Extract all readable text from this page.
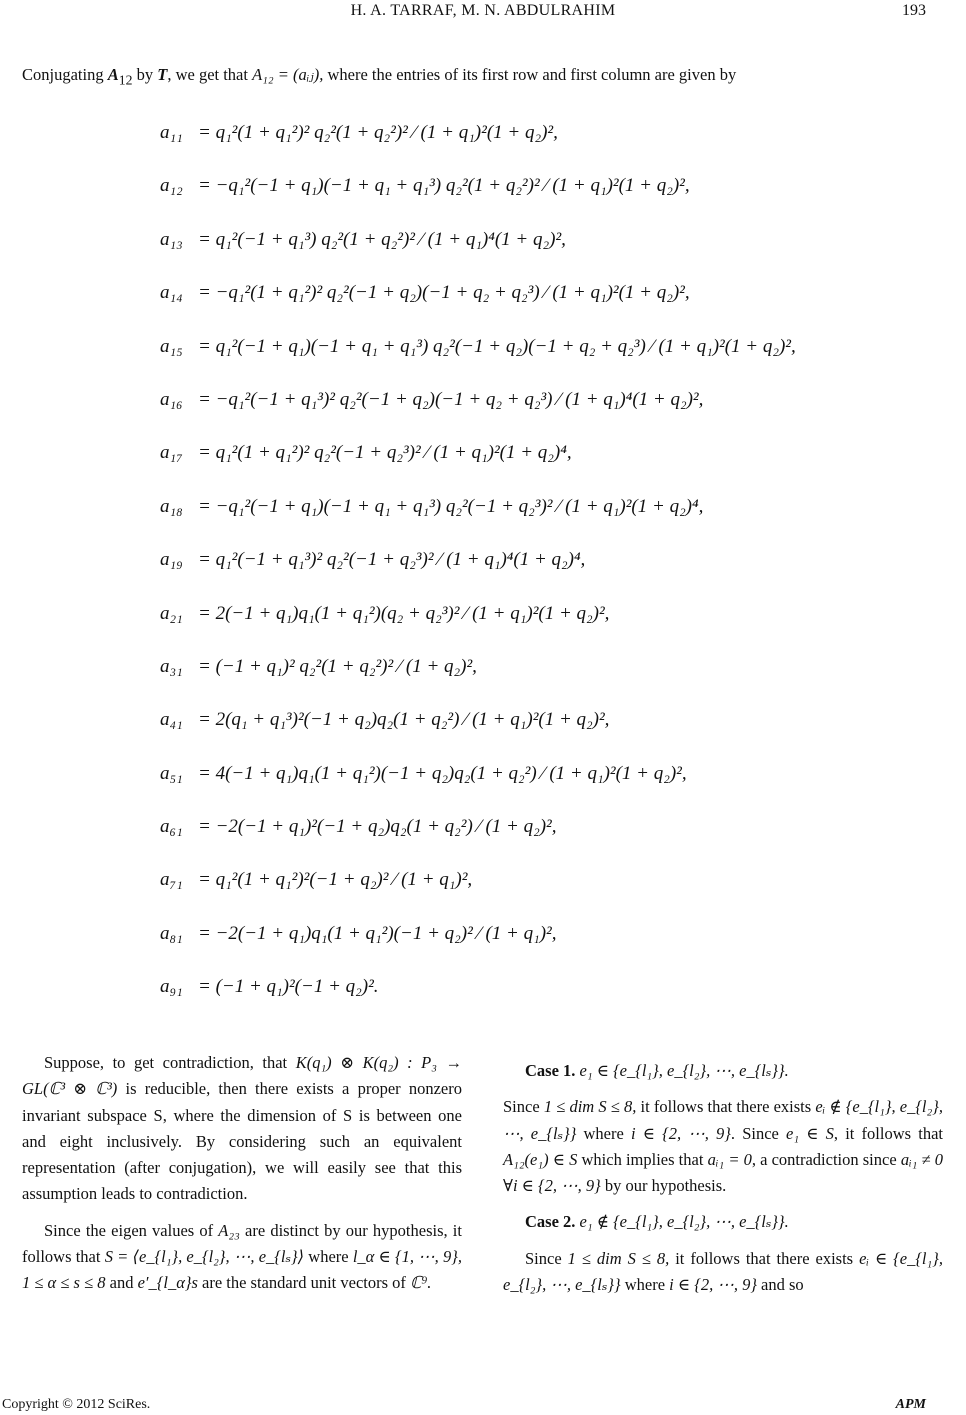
H. A. TARRAF, M. N. ABDULRAHIM	193
Conjugating $A_{12}$ by T, we get that A₁₂ = (aᵢⱼ), where the entries of its first row and first column are given by
a₁₁ = q₁²(1 + q₁²)² q₂²(1 + q₂²)² ⁄ (1 + q₁)²(1 + q₂)²,
a₁₂ = −q₁²(−1 + q₁)(−1 + q₁ + q₁³) q₂²(1 + q₂²)² ⁄ (1 + q₁)²(1 + q₂)²,
a₁₃ = q₁²(−1 + q₁³) q₂²(1 + q₂²)² ⁄ (1 + q₁)⁴(1 + q₂)²,
a₁₄ = −q₁²(1 + q₁²)² q₂²(−1 + q₂)(−1 + q₂ + q₂³) ⁄ (1 + q₁)²(1 + q₂)²,
a₁₅ = q₁²(−1 + q₁)(−1 + q₁ + q₁³) q₂²(−1 + q₂)(−1 + q₂ + q₂³) ⁄ (1 + q₁)²(1 + q₂)²,
a₁₆ = −q₁²(−1 + q₁³)² q₂²(−1 + q₂)(−1 + q₂ + q₂³) ⁄ (1 + q₁)⁴(1 + q₂)²,
a₁₇ = q₁²(1 + q₁²)² q₂²(−1 + q₂³)² ⁄ (1 + q₁)²(1 + q₂)⁴,
a₁₈ = −q₁²(−1 + q₁)(−1 + q₁ + q₁³) q₂²(−1 + q₂³)² ⁄ (1 + q₁)²(1 + q₂)⁴,
a₁₉ = q₁²(−1 + q₁³)² q₂²(−1 + q₂³)² ⁄ (1 + q₁)⁴(1 + q₂)⁴,
a₂₁ = 2(−1 + q₁)q₁(1 + q₁²)(q₂ + q₂³)² ⁄ (1 + q₁)²(1 + q₂)²,
a₃₁ = (−1 + q₁)² q₂²(1 + q₂²)² ⁄ (1 + q₂)²,
a₄₁ = 2(q₁ + q₁³)²(−1 + q₂)q₂(1 + q₂²) ⁄ (1 + q₁)²(1 + q₂)²,
a₅₁ = 4(−1 + q₁)q₁(1 + q₁²)(−1 + q₂)q₂(1 + q₂²) ⁄ (1 + q₁)²(1 + q₂)²,
a₆₁ = −2(−1 + q₁)²(−1 + q₂)q₂(1 + q₂²) ⁄ (1 + q₂)²,
a₇₁ = q₁²(1 + q₁²)²(−1 + q₂)² ⁄ (1 + q₁)²,
a₈₁ = −2(−1 + q₁)q₁(1 + q₁²)(−1 + q₂)² ⁄ (1 + q₁)²,
a₉₁ = (−1 + q₁)²(−1 + q₂)².

Suppose, to get contradiction, that K(q₁) ⊗ K(q₂) : P₃ → GL(ℂ³ ⊗ ℂ³) is reducible, then there exists a proper nonzero invariant subspace S, where the dimension of S is between one and eight inclusively. By considering such an equivalent representation (after conjugation), we will easily see that this assumption leads to contradiction.

Since the eigen values of A₂₃ are distinct by our hypothesis, it follows that S = ⟨e_{l₁}, e_{l₂}, ⋯, e_{lₛ}⟩ where l_α ∈ {1, ⋯, 9}, 1 ≤ α ≤ s ≤ 8 and e′_{l_α}s are the standard unit vectors of ℂ⁹.

Case 1. e₁ ∈ {e_{l₁}, e_{l₂}, ⋯, e_{lₛ}}.

Since 1 ≤ dim S ≤ 8, it follows that there exists eᵢ ∉ {e_{l₁}, e_{l₂}, ⋯, e_{lₛ}} where i ∈ {2, ⋯, 9}. Since e₁ ∈ S, it follows that A₁₂(e₁) ∈ S which implies that aᵢ₁ = 0, a contradiction since aᵢ₁ ≠ 0 ∀i ∈ {2, ⋯, 9} by our hypothesis.

Case 2. e₁ ∉ {e_{l₁}, e_{l₂}, ⋯, e_{lₛ}}.

Since 1 ≤ dim S ≤ 8, it follows that there exists eᵢ ∈ {e_{l₁}, e_{l₂}, ⋯, e_{lₛ}} where i ∈ {2, ⋯, 9} and so

Copyright © 2012 SciRes.	APM
